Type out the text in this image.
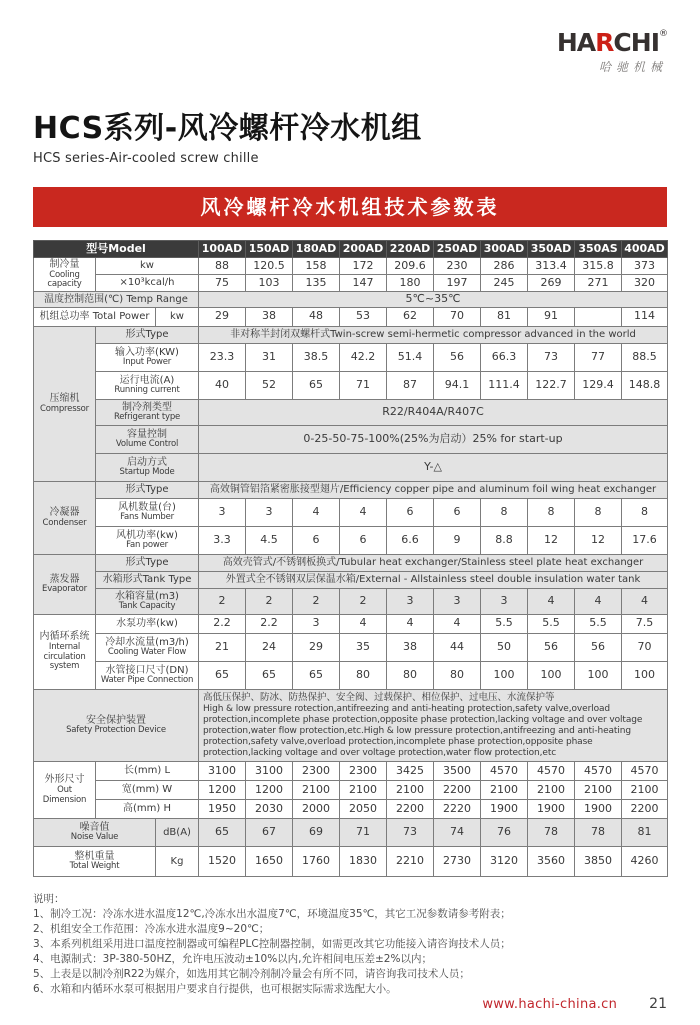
HARCHI®
哈驰机械
HCS系列-风冷螺杆冷水机组
HCS series-Air-cooled screw chille
风冷螺杆冷水机组技术参数表
型号Model			100AD	150AD	180AD	200AD	220AD	250AD	300AD	350AD	350AS	400AD

制冷量
Cooling capacity	kw		88	120.5	158	172	209.6	230	286	313.4	315.8	373
	×10³kcal/h		75	103	135	147	180	197	245	269	271	320
温度控制范围(℃) Temp Range			5℃~35℃									
机组总功率 Total Power		kw	29	38	48	53	62	70	81	91		114

压缩机
Compressor	形式Type		非对称半封闭双螺杆式Twin-screw semi-hermetic compressor advanced in the world									

	输入功率(KW)
Input Power		23.3	31	38.5	42.2	51.4	56	66.3	73	77	88.5

	运行电流(A)
Running current		40	52	65	71	87	94.1	111.4	122.7	129.4	148.8

	制冷剂类型
Refrigerant type		R22/R404A/R407C									

	容量控制
Volume Control		0-25-50-75-100%(25%为启动）25% for start-up									

	启动方式
Startup Mode		Y-△									

冷凝器
Condenser	形式Type		高效铜管铝箔紧密胀接型翅片/Efficiency copper pipe and aluminum foil wing heat exchanger									

	风机数量(台)
Fans Number		3	3	4	4	6	6	8	8	8	8

	风机功率(kw)
Fan power		3.3	4.5	6	6	6.6	9	8.8	12	12	17.6

蒸发器
Evaporator	形式Type		高效壳管式/不锈钢板换式/Tubular heat exchanger/Stainless steel plate heat exchanger									
	水箱形式Tank Type		外置式全不锈钢双层保温水箱/External - Allstainless steel double insulation water tank									

	水箱容量(m3)
Tank Capacity		2	2	2	2	3	3	3	4	4	4

内循环系统
Internal circulation system	水泵功率(kw)		2.2	2.2	3	4	4	4	5.5	5.5	5.5	7.5

	冷却水流量(m3/h)
Cooling Water Flow		21	24	29	35	38	44	50	56	56	70

	水管接口尺寸(DN)
Water Pipe Connection		65	65	65	80	80	80	100	100	100	100

安全保护装置
Safety Protection Device

高低压保护、防冰、防热保护、安全阀、过载保护、相位保护、过电压、水流保护等
High & low pressure rotection,antifreezing and anti-heating protection,safety valve,overload protection,incomplete phase protection,opposite phase protection,lacking voltage and over voltage protection,water flow protection,etc.High & low pressure protection,antifreezing and anti-heating protection,safety valve,overload protection,incomplete phase protection,opposite phase protection,lacking voltage and over voltage protection,water flow protection,etc

外形尺寸
Out Dimension	长(mm) L		3100	3100	2300	2300	3425	3500	4570	4570	4570	4570
	宽(mm) W		1200	1200	2100	2100	2100	2200	2100	2100	2100	2100
	高(mm) H		1950	2030	2000	2050	2200	2220	1900	1900	1900	2200

噪音值
Noise Value		dB(A)	65	67	69	71	73	74	76	78	78	81

整机重量
Total Weight		Kg	1520	1650	1760	1830	2210	2730	3120	3560	3850	4260
说明：
1、制冷工况：冷冻水进水温度12℃,冷冻水出水温度7℃，环境温度35℃，其它工况参数请参考附表；
2、机组安全工作范围：冷冻水进水温度9~20℃；
3、本系列机组采用进口温度控制器或可编程PLC控制器控制，如需更改其它功能接入请咨询技术人员；
4、电源制式：3P-380-50HZ，允许电压波动±10%以内,允许相间电压差±2%以内；
5、上表是以制冷剂R22为媒介，如选用其它制冷剂制冷量会有所不同，请咨询我司技术人员；
6、水箱和内循环水泵可根据用户要求自行提供，也可根据实际需求选配大小。
www.hachi-china.cn 21
